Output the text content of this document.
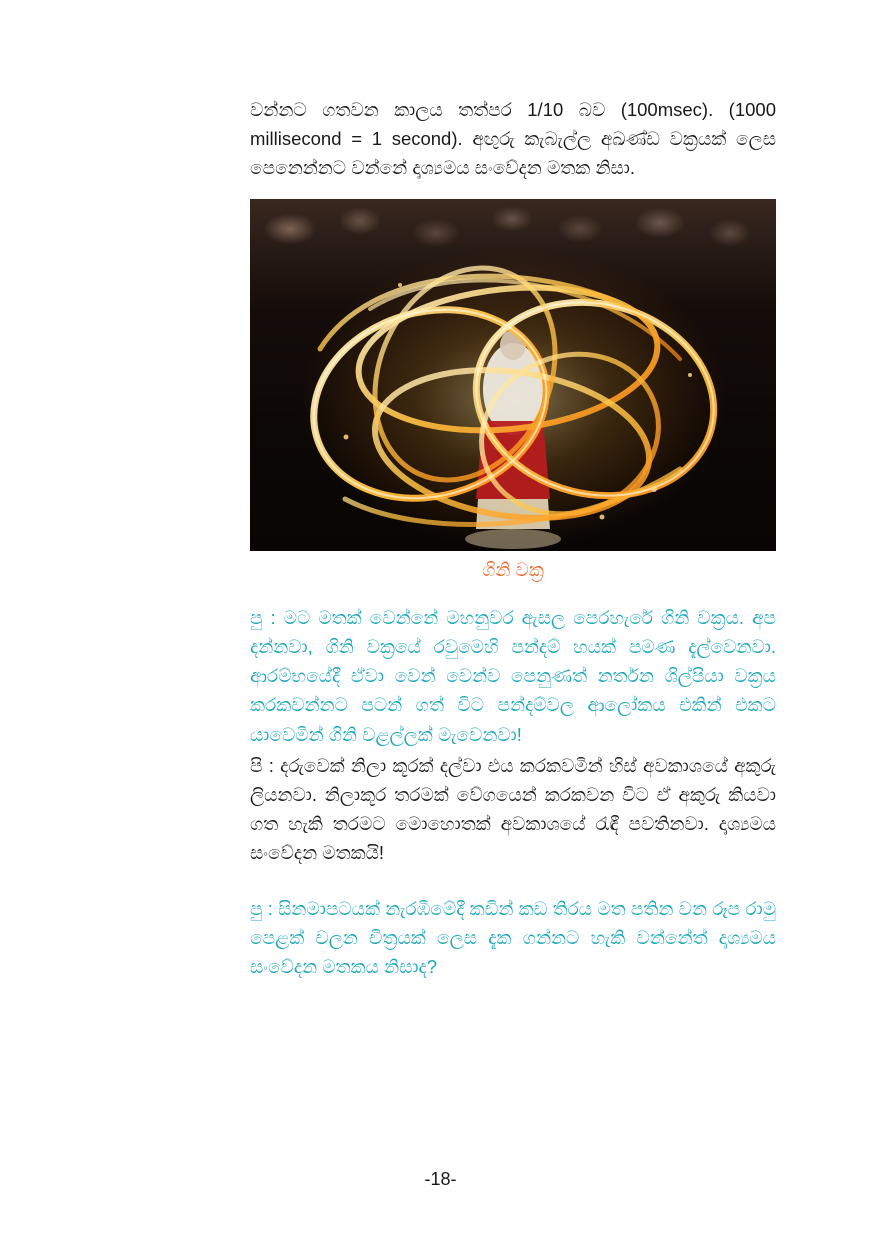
වන්නට ගතවන කාලය තත්පර 1/10 බව (100msec). (1000 millisecond = 1 second). අඟුරු කැබැල්ල අඛණ්ඩ වක්‍රයක් ලෙස පෙනෙන්නට වන්නේ දෘශ්‍යමය සංවේදන මතක නිසා.

ගිනි වක්‍ර

පු : මට මතක් වෙන්නේ මහනුවර ඇසල පෙරහැරේ ගිනි වක්‍රය. අප දන්නවා, ගිනි වක්‍රයේ රවුමෙහි පන්දම් හයක් පමණ දැල්වෙනවා. ආරම්භයේදී ඒවා වෙන් වෙන්ව පෙනුණත් නර්තන ශිල්පියා වක්‍රය කරකවන්නට පටන් ගත් විට පන්දම්වල ආලෝකය එකින් එකට යාවෙමින් ගිනි වළල්ලක් මැවෙනවා!

පි : දරුවෙක් නිලා කූරක් දල්වා එය කරකවමින් හිස් අවකාශයේ අකුරු ලියනවා. නිලාකූර තරමක් වේගයෙන් කරකවන විට ඒ අකුරු කියවා ගත හැකි තරමට මොහොතක් අවකාශයේ රැඳී පවතිනවා. දෘශ්‍යමය සංවේදන මතකයි!

පු : සිනමාපටයක් නැරඹීමේදී කඩින් කඩ තිරය මත පතින වන රූප රාමු පෙළක් චලන චිත්‍රයක් ලෙස දැක ගන්නට හැකි වන්නේත් දෘශ්‍යමය සංවේදන මතකය නිසාද?

-18-
